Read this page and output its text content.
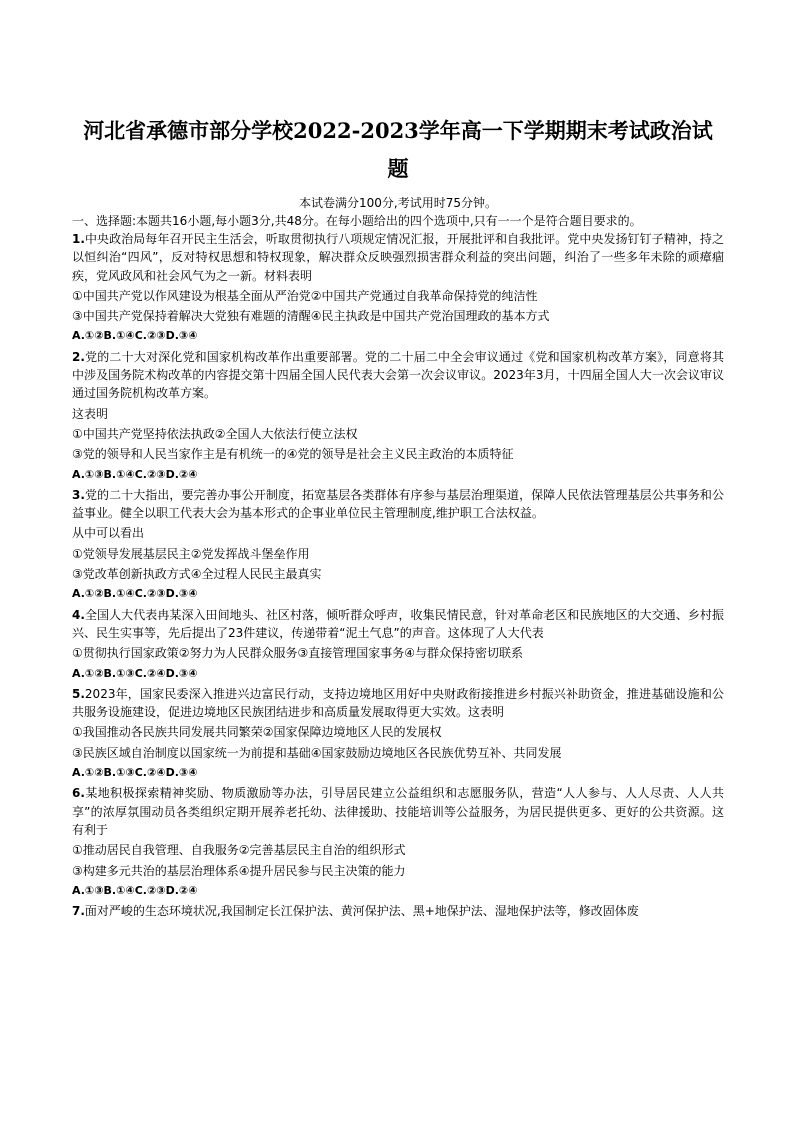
河北省承德市部分学校2022-2023学年高一下学期期末考试政治试
题

本试卷满分100分,考试用时75分钟。

一、选择题:本题共16小题,每小题3分,共48分。在每小题给出的四个选项中,只有一一个是符合题目要求的。

1.中央政治局每年召开民主生活会，听取贯彻执行八项规定情况汇报，开展批评和自我批评。党中央发扬钉钉子精神，持之以恒纠治“四风”，反对特权思想和特权现象，解决群众反映强烈损害群众利益的突出问题，纠治了一些多年未除的顽瘴痼疾，党风政风和社会风气为之一新。材料表明

①中国共产党以作风建设为根基全面从严治党②中国共产党通过自我革命保持党的纯洁性

③中国共产党保持着解决大党独有难题的清醒④民主执政是中国共产党治国理政的基本方式

A.①②B.①④C.②③D.③④

2.党的二十大对深化党和国家机构改革作出重要部署。党的二十届二中全会审议通过《党和国家机构改革方案》，同意将其中涉及国务院术构改革的内容提交第十四届全国人民代表大会第一次会议审议。2023年3月，十四届全国人大一次会议审议通过国务院机构改革方案。

这表明

①中国共产党坚持依法执政②全国人大依法行使立法权

③党的领导和人民当家作主是有机统一的④党的领导是社会主义民主政治的本质特征

A.①③B.①④C.②③D.②④

3.党的二十大指出，要完善办事公开制度，拓宽基层各类群体有序参与基层治理渠道，保障人民依法管理基层公共事务和公益事业。健全以职工代表大会为基本形式的企事业单位民主管理制度,维护职工合法权益。

从中可以看出

①党领导发展基层民主②党发挥战斗堡垒作用

③党改革创新执政方式④全过程人民民主最真实

A.①②B.①④C.②③D.③④

4.全国人大代表冉某深入田间地头、社区村落，倾听群众呼声，收集民情民意，针对革命老区和民族地区的大交通、乡村振兴、民生实事等，先后提出了23件建议，传递带着“泥土气息”的声音。这体现了人大代表

①贯彻执行国家政策②努力为人民群众服务③直接管理国家事务④与群众保持密切联系

A.①②B.①③C.②④D.③④

5.2023年，国家民委深入推进兴边富民行动，支持边境地区用好中央财政衔接推进乡村振兴补助资金，推进基础设施和公共服务设施建设，促进边境地区民族团结进步和高质量发展取得更大实效。这表明

①我国推动各民族共同发展共同繁荣②国家保障边境地区人民的发展权

③民族区域自治制度以国家统一为前提和基础④国家鼓励边境地区各民族优势互补、共同发展

A.①②B.①③C.②④D.③④

6.某地积极探索精神奖励、物质激励等办法，引导居民建立公益组织和志愿服务队，营造“人人参与、人人尽责、人人共享”的浓厚氛围动员各类组织定期开展养老托幼、法律援助、技能培训等公益服务，为居民提供更多、更好的公共资源。这有利于

①推动居民自我管理、自我服务②完善基层民主自治的组织形式

③构建多元共治的基层治理体系④提升居民参与民主决策的能力

A.①③B.①④C.②③D.②④

7.面对严峻的生态环境状况,我国制定长江保护法、黄河保护法、黑+地保护法、湿地保护法等，修改固体废
